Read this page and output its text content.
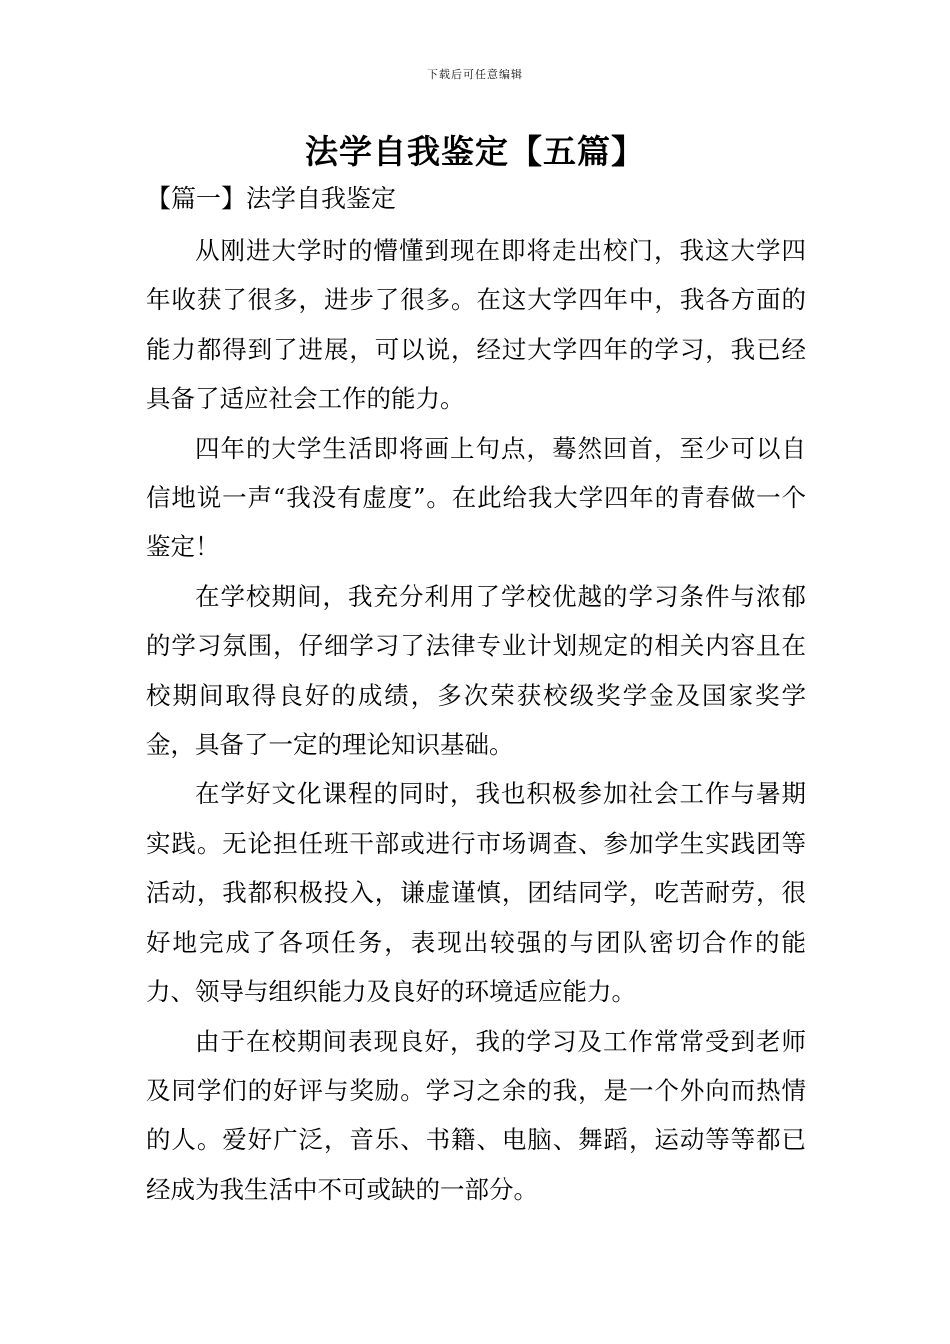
下载后可任意编辑
法学自我鉴定【五篇】
【篇一】法学自我鉴定

从刚进大学时的懵懂到现在即将走出校门，我这大学四年收获了很多，进步了很多。在这大学四年中，我各方面的能力都得到了进展，可以说，经过大学四年的学习，我已经具备了适应社会工作的能力。

四年的大学生活即将画上句点，蓦然回首，至少可以自信地说一声“我没有虚度”。在此给我大学四年的青春做一个鉴定！

在学校期间，我充分利用了学校优越的学习条件与浓郁的学习氛围，仔细学习了法律专业计划规定的相关内容且在校期间取得良好的成绩，多次荣获校级奖学金及国家奖学金，具备了一定的理论知识基础。

在学好文化课程的同时，我也积极参加社会工作与暑期实践。无论担任班干部或进行市场调查、参加学生实践团等活动，我都积极投入，谦虚谨慎，团结同学，吃苦耐劳，很好地完成了各项任务，表现出较强的与团队密切合作的能力、领导与组织能力及良好的环境适应能力。

由于在校期间表现良好，我的学习及工作常常受到老师及同学们的好评与奖励。学习之余的我，是一个外向而热情的人。爱好广泛，音乐、书籍、电脑、舞蹈，运动等等都已经成为我生活中不可或缺的一部分。
